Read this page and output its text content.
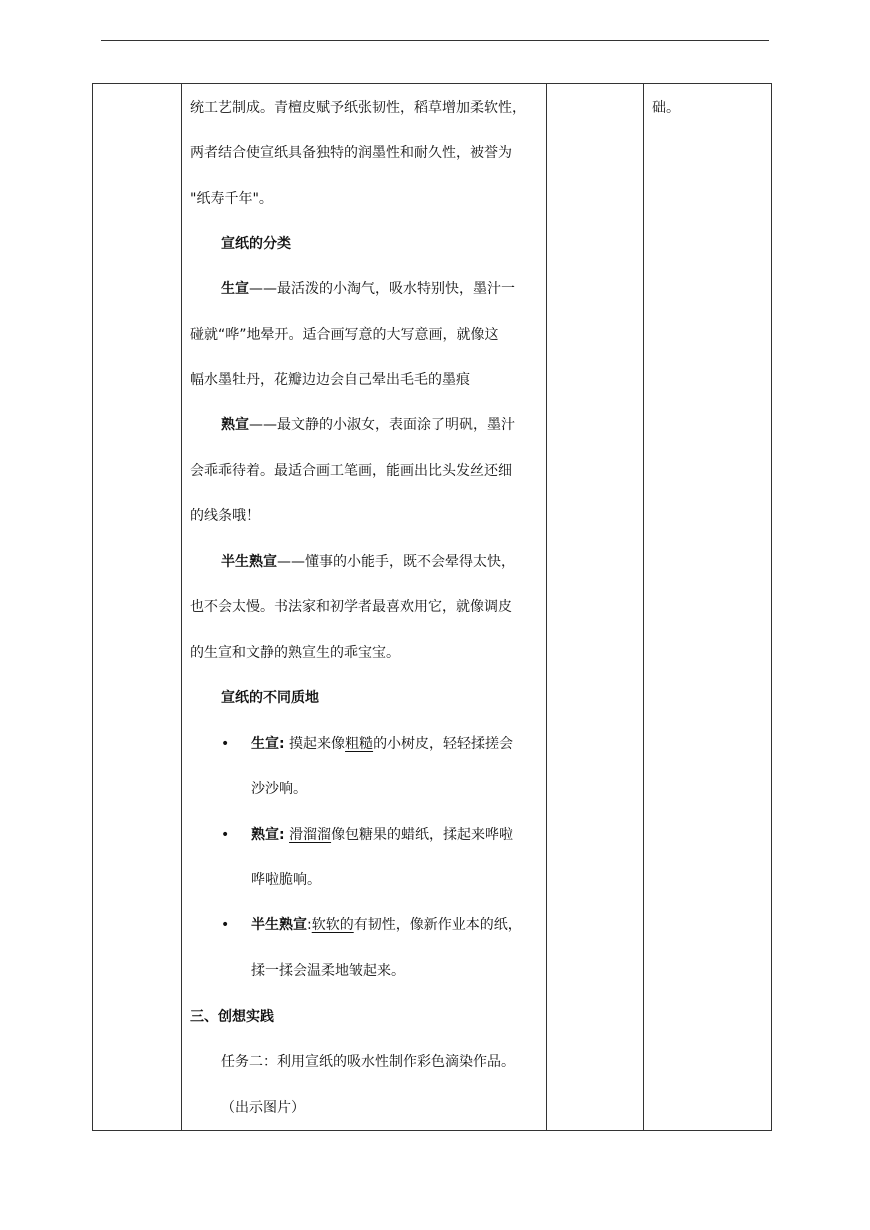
础。
统工艺制成。青檀皮赋予纸张韧性，稻草增加柔软性，
两者结合使宣纸具备独特的润墨性和耐久性，被誉为
"纸寿千年"。
宣纸的分类
生宣——最活泼的小淘气，吸水特别快，墨汁一
碰就“哗”地晕开。适合画写意的大写意画，就像这
幅水墨牡丹，花瓣边边会自己晕出毛毛的墨痕
熟宣——最文静的小淑女，表面涂了明矾，墨汁
会乖乖待着。最适合画工笔画，能画出比头发丝还细
的线条哦！
半生熟宣——懂事的小能手，既不会晕得太快，
也不会太慢。书法家和初学者最喜欢用它，就像调皮
的生宣和文静的熟宣生的乖宝宝。
宣纸的不同质地
• 生宣: 摸起来像粗糙的小树皮，轻轻揉搓会
沙沙响。
• 熟宣: 滑溜溜像包糖果的蜡纸，揉起来哗啦
哗啦脆响。
• 半生熟宣:软软的有韧性，像新作业本的纸，
揉一揉会温柔地皱起来。
三、创想实践
任务二：利用宣纸的吸水性制作彩色滴染作品。
（出示图片）
